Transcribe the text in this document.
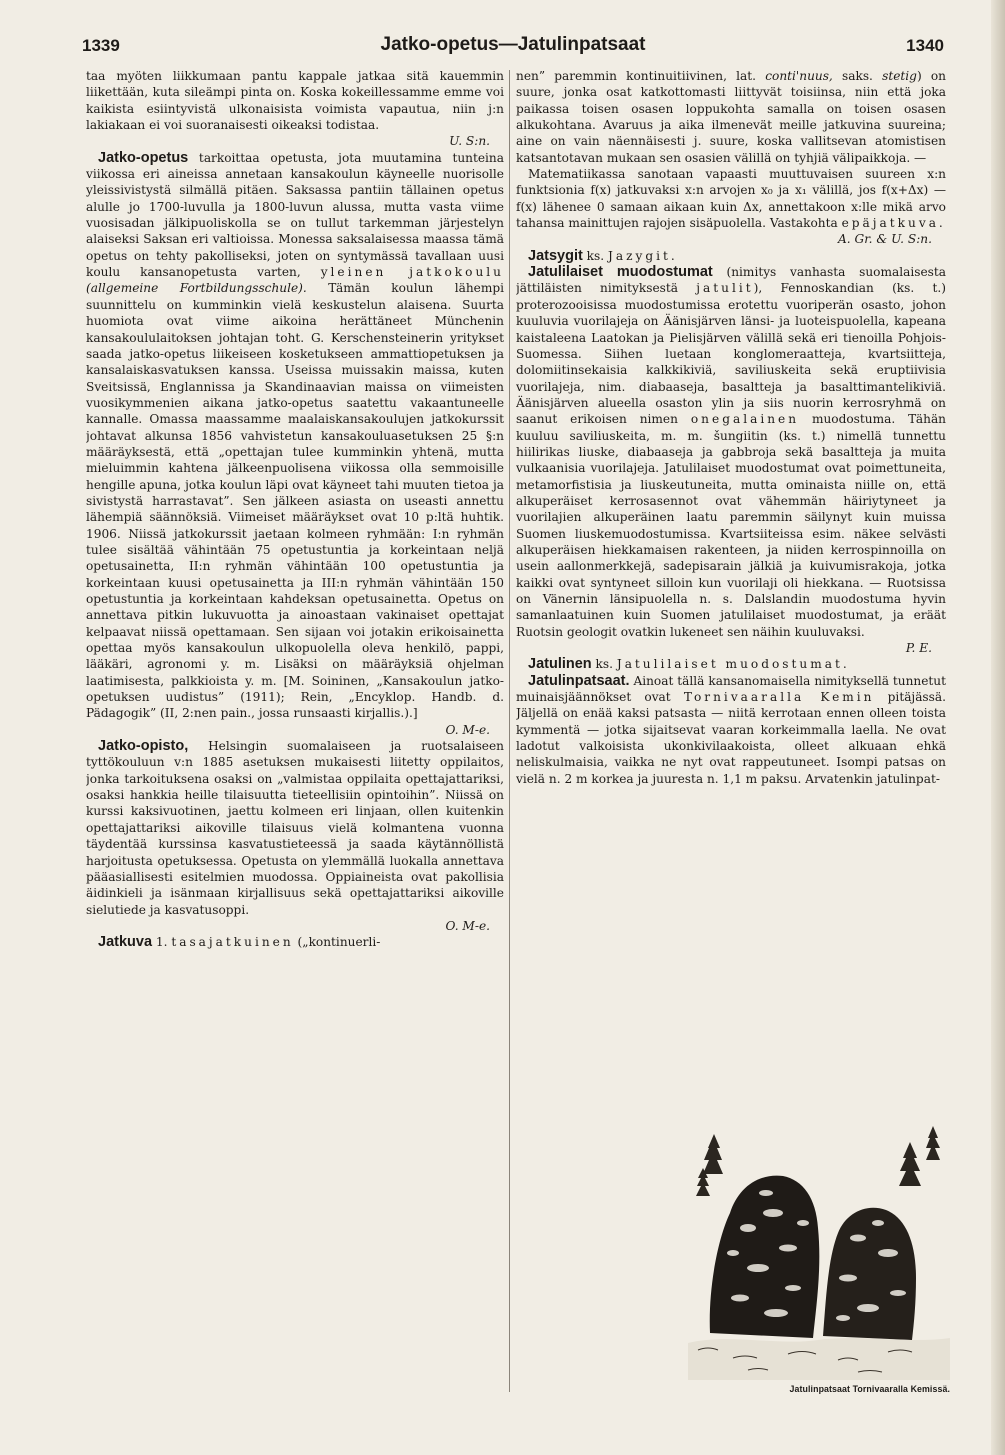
1339	Jatko-opetus—Jatulinpatsaat	1340

taa myöten liikkumaan pantu kappale jatkaa sitä kauemmin liikettään, kuta sileämpi pinta on. Koska kokeillessamme emme voi kaikista esiintyvistä ulkonaisista voimista vapautua, niin j:n lakiakaan ei voi suoranaisesti oikeaksi todistaa.

U. S:n.

Jatko-opetus tarkoittaa opetusta, jota muutamina tunteina viikossa eri aineissa annetaan kansakoulun käyneelle nuorisolle yleissivistystä silmällä pitäen. Saksassa pantiin tällainen opetus alulle jo 1700-luvulla ja 1800-luvun alussa, mutta vasta viime vuosisadan jälkipuoliskolla se on tullut tarkemman järjestelyn alaiseksi Saksan eri valtioissa. Monessa saksalaisessa maassa tämä opetus on tehty pakolliseksi, joten on syntymässä tavallaan uusi koulu kansanopetusta varten, yleinen jatkokoulu (allgemeine Fortbildungsschule). Tämän koulun lähempi suunnittelu on kumminkin vielä keskustelun alaisena. Suurta huomiota ovat viime aikoina herättäneet Münchenin kansakoululaitoksen johtajan toht. G. Kerschensteinerin yritykset saada jatko-opetus liikeiseen kosketukseen ammattiopetuksen ja kansalaiskasvatuksen kanssa. Useissa muissakin maissa, kuten Sveitsissä, Englannissa ja Skandinaavian maissa on viimeisten vuosikymmenien aikana jatko-opetus saatettu vakaantuneelle kannalle. Omassa maassamme maalaiskansakoulujen jatkokurssit johtavat alkunsa 1856 vahvistetun kansakouluasetuksen 25 §:n määräyksestä, että „opettajan tulee kumminkin yhtenä, mutta mieluimmin kahtena jälkeenpuolisena viikossa olla semmoisille hengille apuna, jotka koulun läpi ovat käyneet tahi muuten tietoa ja sivistystä harrastavat”. Sen jälkeen asiasta on useasti annettu lähempiä säännöksiä. Viimeiset määräykset ovat 10 p:ltä huhtik. 1906. Niissä jatkokurssit jaetaan kolmeen ryhmään: I:n ryhmän tulee sisältää vähintään 75 opetustuntia ja korkeintaan neljä opetusainetta, II:n ryhmän vähintään 100 opetustuntia ja korkeintaan kuusi opetusainetta ja III:n ryhmän vähintään 150 opetustuntia ja korkeintaan kahdeksan opetusainetta. Opetus on annettava pitkin lukuvuotta ja ainoastaan vakinaiset opettajat kelpaavat niissä opettamaan. Sen sijaan voi jotakin erikoisainetta opettaa myös kansakoulun ulkopuolella oleva henkilö, pappi, lääkäri, agronomi y. m. Lisäksi on määräyksiä ohjelman laatimisesta, palkkioista y. m. [M. Soininen, „Kansakoulun jatko-opetuksen uudistus” (1911); Rein, „Encyklop. Handb. d. Pädagogik” (II, 2:nen pain., jossa runsaasti kirjallis.).]

O. M-e.

Jatko-opisto, Helsingin suomalaiseen ja ruotsalaiseen tyttökouluun v:n 1885 asetuksen mukaisesti liitetty oppilaitos, jonka tarkoituksena osaksi on „valmistaa oppilaita opettajattariksi, osaksi hankkia heille tilaisuutta tieteellisiin opintoihin”. Niissä on kurssi kaksivuotinen, jaettu kolmeen eri linjaan, ollen kuitenkin opettajattariksi aikoville tilaisuus vielä kolmantena vuonna täydentää kurssinsa kasvatustieteessä ja saada käytännöllistä harjoitusta opetuksessa. Opetusta on ylemmällä luokalla annettava pääasiallisesti esitelmien muodossa. Oppiaineista ovat pakollisia äidinkieli ja isänmaan kirjallisuus sekä opettajattariksi aikoville sielutiede ja kasvatusoppi.

O. M-e.

Jatkuva 1. tasajatkuinen („kontinuerli-

nen” paremmin kontinuitiivinen, lat. conti'nuus, saks. stetig) on suure, jonka osat katkottomasti liittyvät toisiinsa, niin että joka paikassa toisen osasen loppukohta samalla on toisen osasen alkukohtana. Avaruus ja aika ilmenevät meille jatkuvina suureina; aine on vain näennäisesti j. suure, koska vallitsevan atomistisen katsantotavan mukaan sen osasien välillä on tyhjiä välipaikkoja. —

Matematiikassa sanotaan vapaasti muuttuvaisen suureen x:n funktsionia f(x) jatkuvaksi x:n arvojen x₀ ja x₁ välillä, jos f(x+Δx) — f(x) lähenee 0 samaan aikaan kuin Δx, annettakoon x:lle mikä arvo tahansa mainittujen rajojen sisäpuolella. Vastakohta epäjatkuva.

A. Gr. & U. S:n.

Jatsygit ks. Jazygit.

Jatulilaiset muodostumat (nimitys vanhasta suomalaisesta jättiläisten nimityksestä jatulit), Fennoskandian (ks. t.) proterozooisissa muodostumissa erotettu vuoriperän osasto, johon kuuluvia vuorilajeja on Äänisjärven länsi- ja luoteispuolella, kapeana kaistaleena Laatokan ja Pielisjärven välillä sekä eri tienoilla Pohjois-Suomessa. Siihen luetaan konglomeraatteja, kvartsiitteja, dolomiitinsekaisia kalkkikiviä, saviliuskeita sekä eruptiivisia vuorilajeja, nim. diabaaseja, basaltteja ja basalttimantelikiviä. Äänisjärven alueella osaston ylin ja siis nuorin kerrosryhmä on saanut erikoisen nimen onegalainen muodostuma. Tähän kuuluu saviliuskeita, m. m. šungiitin (ks. t.) nimellä tunnettu hiilirikas liuske, diabaaseja ja gabbroja sekä basaltteja ja muita vulkaanisia vuorilajeja. Jatulilaiset muodostumat ovat poimettuneita, metamorfistisia ja liuskeutuneita, mutta ominaista niille on, että alkuperäiset kerrosasennot ovat vähemmän häiriytyneet ja vuorilajien alkuperäinen laatu paremmin säilynyt kuin muissa Suomen liuskemuodostumissa. Kvartsiiteissa esim. näkee selvästi alkuperäisen hiekkamaisen rakenteen, ja niiden kerrospinnoilla on usein aallonmerkkejä, sadepisarain jälkiä ja kuivumisrakoja, jotka kaikki ovat syntyneet silloin kun vuorilaji oli hiekkana. — Ruotsissa on Vänernin länsipuolella n. s. Dalslandin muodostuma hyvin samanlaatuinen kuin Suomen jatulilaiset muodostumat, ja eräät Ruotsin geologit ovatkin lukeneet sen näihin kuuluvaksi.

P. E.

Jatulinen ks. Jatulilaiset muodostumat.

Jatulinpatsaat. Ainoat tällä kansanomaisella nimityksellä tunnetut muinaisjäännökset ovat Tornivaaralla Kemin pitäjässä. Jäljellä on enää kaksi patsasta — niitä kerrotaan ennen olleen toista kymmentä — jotka sijaitsevat vaaran korkeimmalla laella. Ne ovat ladotut valkoisista ukonkivilaakoista, olleet alkuaan ehkä neliskulmaisia, vaikka ne nyt ovat rappeutuneet. Isompi patsas on vielä n. 2 m korkea ja juuresta n. 1,1 m paksu. Arvatenkin jatulinpat-

Jatulinpatsaat Tornivaaralla Kemissä.
